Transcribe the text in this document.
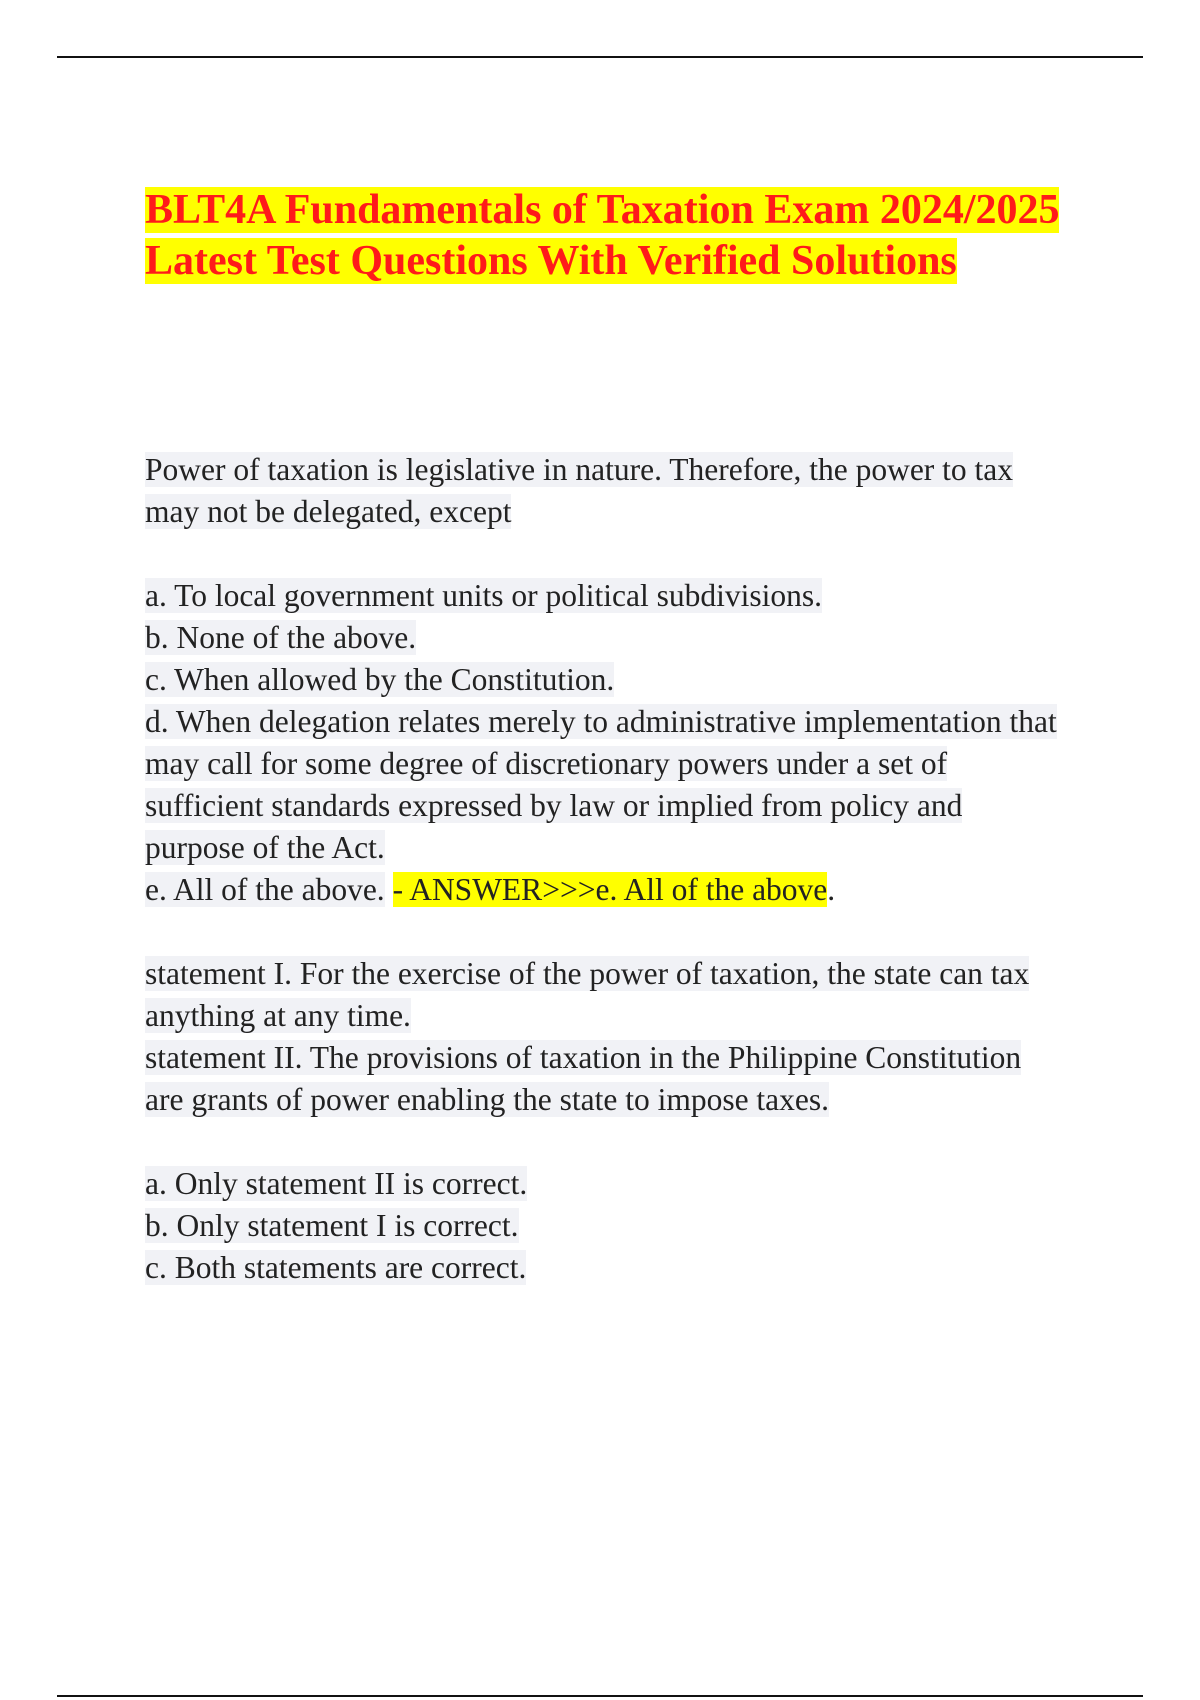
BLT4A Fundamentals of Taxation Exam 2024/2025 Latest Test Questions With Verified Solutions
Power of taxation is legislative in nature. Therefore, the power to tax may not be delegated, except
a. To local government units or political subdivisions.
b. None of the above.
c. When allowed by the Constitution.
d. When delegation relates merely to administrative implementation that may call for some degree of discretionary powers under a set of sufficient standards expressed by law or implied from policy and purpose of the Act.
e. All of the above. - ANSWER>>>e. All of the above.
statement I. For the exercise of the power of taxation, the state can tax anything at any time.
statement II. The provisions of taxation in the Philippine Constitution are grants of power enabling the state to impose taxes.
a. Only statement II is correct.
b. Only statement I is correct.
c. Both statements are correct.
